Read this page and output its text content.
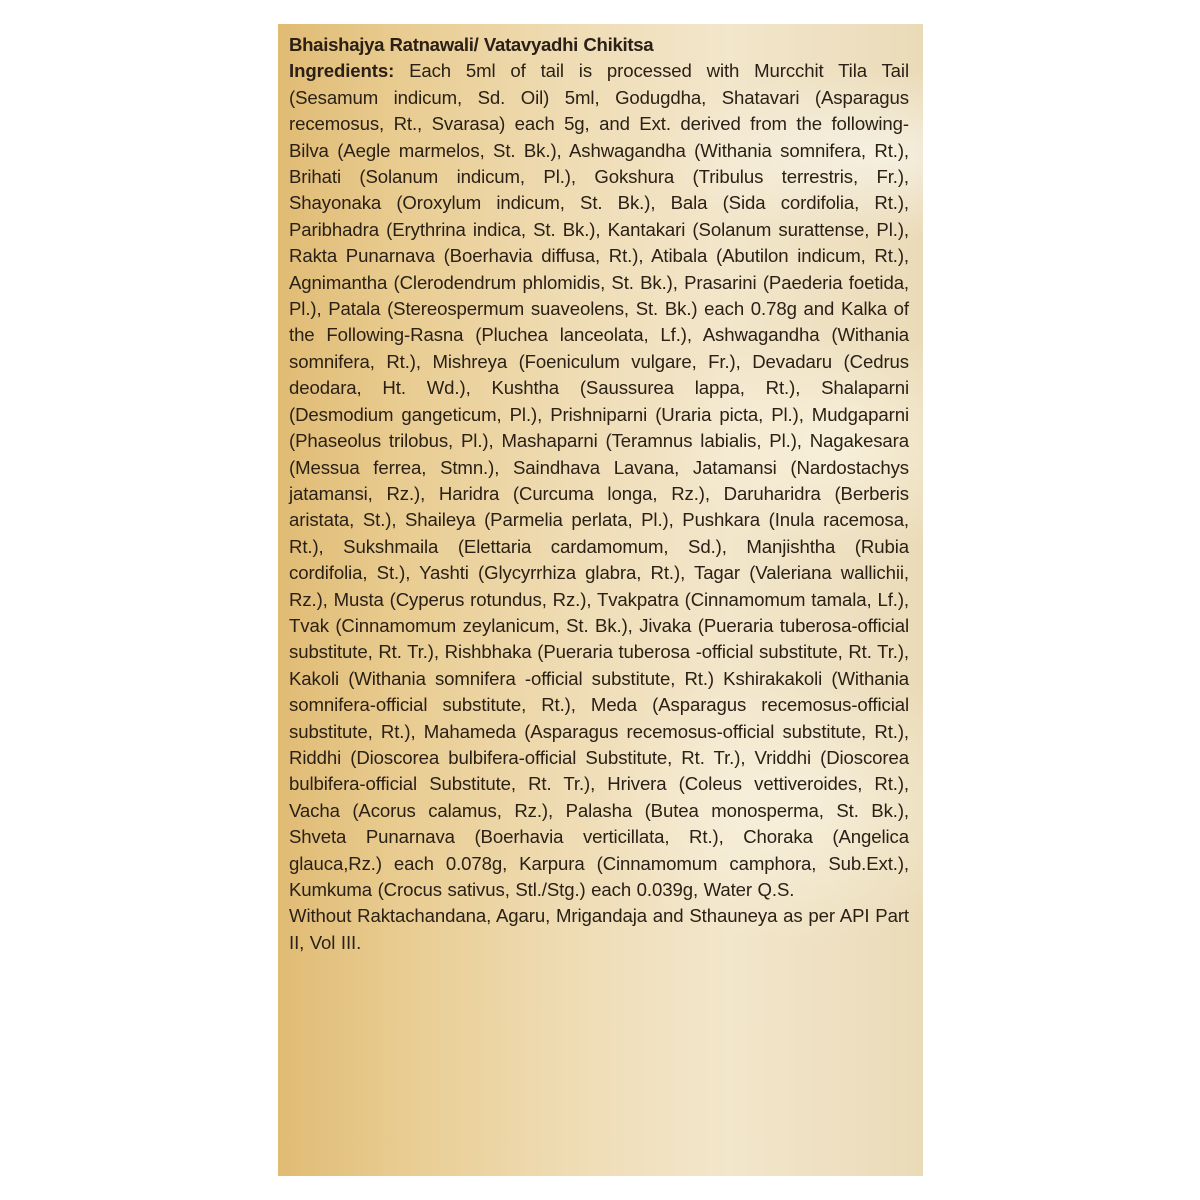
Bhaishajya Ratnawali/ Vatavyadhi Chikitsa

Ingredients: Each 5ml of tail is processed with Murcchit Tila Tail (Sesamum indicum, Sd. Oil) 5ml, Godugdha, Shatavari (Asparagus recemosus, Rt., Svarasa) each 5g, and Ext. derived from the following-Bilva (Aegle marmelos, St. Bk.), Ashwagandha (Withania somnifera, Rt.), Brihati (Solanum indicum, Pl.), Gokshura (Tribulus terrestris, Fr.), Shayonaka (Oroxylum indicum, St. Bk.), Bala (Sida cordifolia, Rt.), Paribhadra (Erythrina indica, St. Bk.), Kantakari (Solanum surattense, Pl.), Rakta Punarnava (Boerhavia diffusa, Rt.), Atibala (Abutilon indicum, Rt.), Agnimantha (Clerodendrum phlomidis, St. Bk.), Prasarini (Paederia foetida, Pl.), Patala (Stereospermum suaveolens, St. Bk.) each 0.78g and Kalka of the Following-Rasna (Pluchea lanceolata, Lf.), Ashwagandha (Withania somnifera, Rt.), Mishreya (Foeniculum vulgare, Fr.), Devadaru (Cedrus deodara, Ht. Wd.), Kushtha (Saussurea lappa, Rt.), Shalaparni (Desmodium gangeticum, Pl.), Prishniparni (Uraria picta, Pl.), Mudgaparni (Phaseolus trilobus, Pl.), Mashaparni (Teramnus labialis, Pl.), Nagakesara (Messua ferrea, Stmn.), Saindhava Lavana, Jatamansi (Nardostachys jatamansi, Rz.), Haridra (Curcuma longa, Rz.), Daruharidra (Berberis aristata, St.), Shaileya (Parmelia perlata, Pl.), Pushkara (Inula racemosa, Rt.), Sukshmaila (Elettaria cardamomum, Sd.), Manjishtha (Rubia cordifolia, St.), Yashti (Glycyrrhiza glabra, Rt.), Tagar (Valeriana wallichii, Rz.), Musta (Cyperus rotundus, Rz.), Tvakpatra (Cinnamomum tamala, Lf.), Tvak (Cinnamomum zeylanicum, St. Bk.), Jivaka (Pueraria tuberosa-official substitute, Rt. Tr.), Rishbhaka (Pueraria tuberosa -official substitute, Rt. Tr.), Kakoli (Withania somnifera -official substitute, Rt.) Kshirakakoli (Withania somnifera-official substitute, Rt.), Meda (Asparagus recemosus-official substitute, Rt.), Mahameda (Asparagus recemosus-official substitute, Rt.), Riddhi (Dioscorea bulbifera-official Substitute, Rt. Tr.), Vriddhi (Dioscorea bulbifera-official Substitute, Rt. Tr.), Hrivera (Coleus vettiveroides, Rt.), Vacha (Acorus calamus, Rz.), Palasha (Butea monosperma, St. Bk.), Shveta Punarnava (Boerhavia verticillata, Rt.), Choraka (Angelica glauca,Rz.) each 0.078g, Karpura (Cinnamomum camphora, Sub.Ext.), Kumkuma (Crocus sativus, Stl./Stg.) each 0.039g, Water Q.S.

Without Raktachandana, Agaru, Mrigandaja and Sthauneya as per API Part II, Vol III.
